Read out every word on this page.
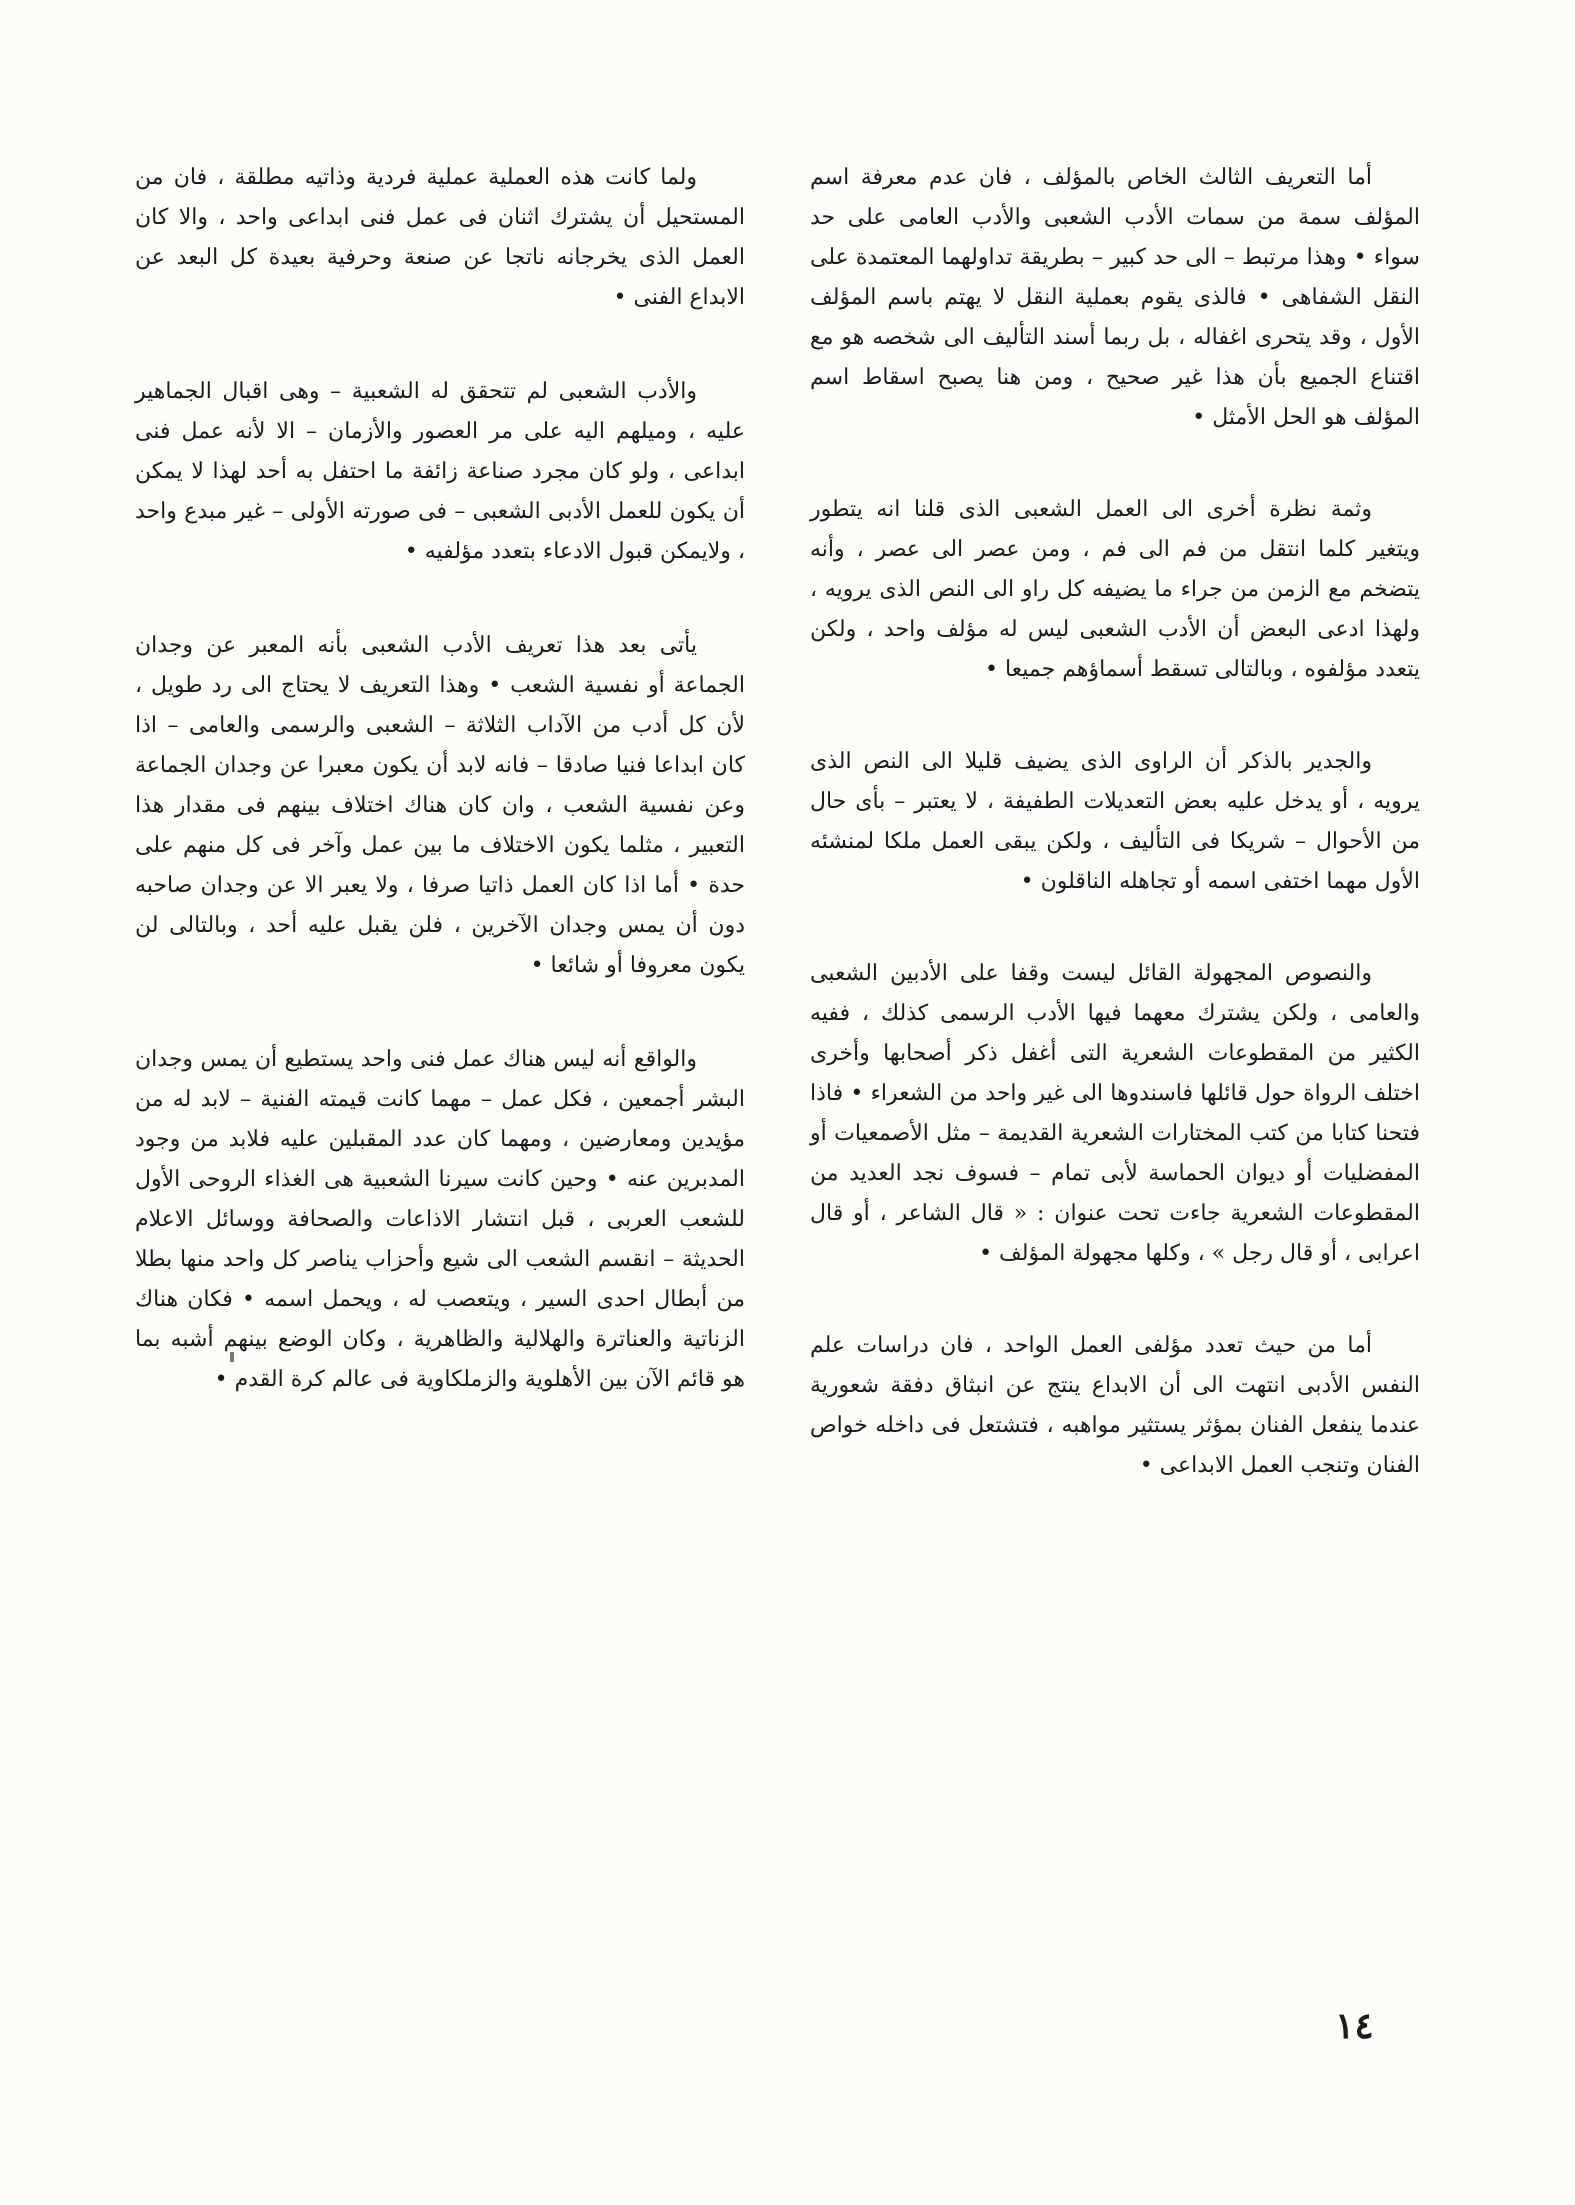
أما التعريف الثالث الخاص بالمؤلف ، فان عدم معرفة اسم المؤلف سمة من سمات الأدب الشعبى والأدب العامى على حد سواء • وهذا مرتبط – الى حد كبير – بطريقة تداولهما المعتمدة على النقل الشفاهى • فالذى يقوم بعملية النقل لا يهتم باسم المؤلف الأول ، وقد يتحرى اغفاله ، بل ربما أسند التأليف الى شخصه هو مع اقتناع الجميع بأن هذا غير صحيح ، ومن هنا يصبح اسقاط اسم المؤلف هو الحل الأمثل •

وثمة نظرة أخرى الى العمل الشعبى الذى قلنا انه يتطور ويتغير كلما انتقل من فم الى فم ، ومن عصر الى عصر ، وأنه يتضخم مع الزمن من جراء ما يضيفه كل راو الى النص الذى يرويه ، ولهذا ادعى البعض أن الأدب الشعبى ليس له مؤلف واحد ، ولكن يتعدد مؤلفوه ، وبالتالى تسقط أسماؤهم جميعا •

والجدير بالذكر أن الراوى الذى يضيف قليلا الى النص الذى يرويه ، أو يدخل عليه بعض التعديلات الطفيفة ، لا يعتبر – بأى حال من الأحوال – شريكا فى التأليف ، ولكن يبقى العمل ملكا لمنشئه الأول مهما اختفى اسمه أو تجاهله الناقلون •

والنصوص المجهولة القائل ليست وقفا على الأدبين الشعبى والعامى ، ولكن يشترك معهما فيها الأدب الرسمى كذلك ، ففيه الكثير من المقطوعات الشعرية التى أغفل ذكر أصحابها وأخرى اختلف الرواة حول قائلها فاسندوها الى غير واحد من الشعراء • فاذا فتحنا كتابا من كتب المختارات الشعرية القديمة – مثل الأصمعيات أو المفضليات أو ديوان الحماسة لأبى تمام – فسوف نجد العديد من المقطوعات الشعرية جاءت تحت عنوان : « قال الشاعر ، أو قال اعرابى ، أو قال رجل » ، وكلها مجهولة المؤلف •

أما من حيث تعدد مؤلفى العمل الواحد ، فان دراسات علم النفس الأدبى انتهت الى أن الابداع ينتج عن انبثاق دفقة شعورية عندما ينفعل الفنان بمؤثر يستثير مواهبه ، فتشتعل فى داخله خواص الفنان وتنجب العمل الابداعى •

ولما كانت هذه العملية عملية فردية وذاتيه مطلقة ، فان من المستحيل أن يشترك اثنان فى عمل فنى ابداعى واحد ، والا كان العمل الذى يخرجانه ناتجا عن صنعة وحرفية بعيدة كل البعد عن الابداع الفنى •

والأدب الشعبى لم تتحقق له الشعبية – وهى اقبال الجماهير عليه ، وميلهم اليه على مر العصور والأزمان – الا لأنه عمل فنى ابداعى ، ولو كان مجرد صناعة زائفة ما احتفل به أحد لهذا لا يمكن أن يكون للعمل الأدبى الشعبى – فى صورته الأولى – غير مبدع واحد ، ولايمكن قبول الادعاء بتعدد مؤلفيه •

يأتى بعد هذا تعريف الأدب الشعبى بأنه المعبر عن وجدان الجماعة أو نفسية الشعب • وهذا التعريف لا يحتاج الى رد طويل ، لأن كل أدب من الآداب الثلاثة – الشعبى والرسمى والعامى – اذا كان ابداعا فنيا صادقا – فانه لابد أن يكون معبرا عن وجدان الجماعة وعن نفسية الشعب ، وان كان هناك اختلاف بينهم فى مقدار هذا التعبير ، مثلما يكون الاختلاف ما بين عمل وآخر فى كل منهم على حدة • أما اذا كان العمل ذاتيا صرفا ، ولا يعبر الا عن وجدان صاحبه دون أن يمس وجدان الآخرين ، فلن يقبل عليه أحد ، وبالتالى لن يكون معروفا أو شائعا •

والواقع أنه ليس هناك عمل فنى واحد يستطيع أن يمس وجدان البشر أجمعين ، فكل عمل – مهما كانت قيمته الفنية – لابد له من مؤيدين ومعارضين ، ومهما كان عدد المقبلين عليه فلابد من وجود المدبرين عنه • وحين كانت سيرنا الشعبية هى الغذاء الروحى الأول للشعب العربى ، قبل انتشار الاذاعات والصحافة ووسائل الاعلام الحديثة – انقسم الشعب الى شيع وأحزاب يناصر كل واحد منها بطلا من أبطال احدى السير ، ويتعصب له ، ويحمل اسمه • فكان هناك الزناتية والعناترة والهلالية والظاهرية ، وكان الوضع بينهم أشبه بما هو قائم الآن بين الأهلوية والزملكاوية فى عالم كرة القدم •

١٤
